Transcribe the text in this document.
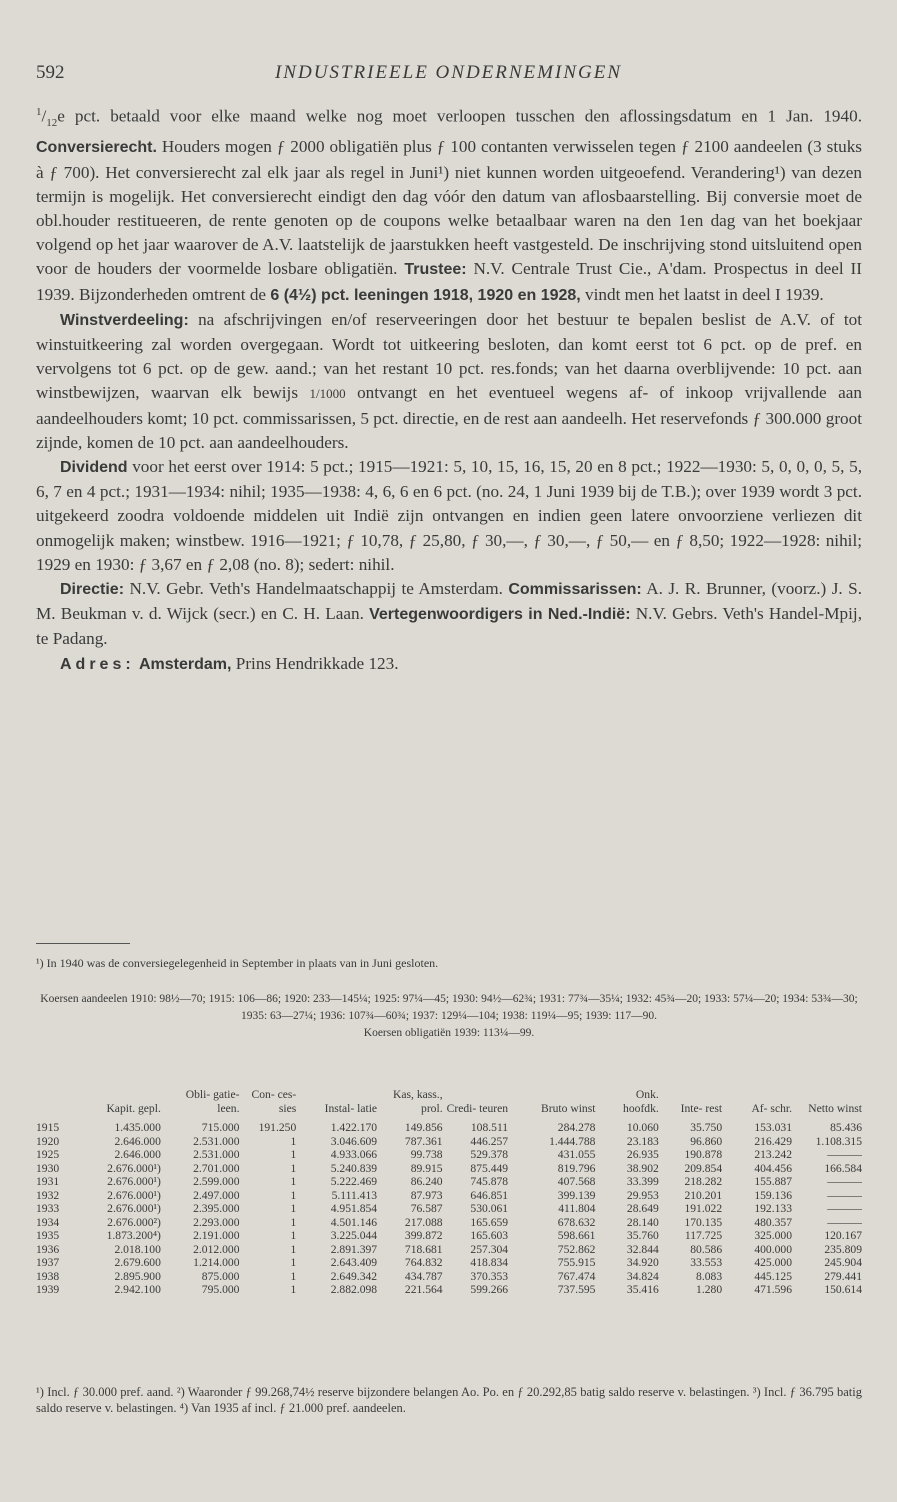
592	INDUSTRIEELE ONDERNEMINGEN

$^1/_{12}e$ pct. betaald voor elke maand welke nog moet verloopen tusschen den aflossingsdatum en 1 Jan. 1940. Conversierecht. Houders mogen ƒ 2000 obligatiën plus ƒ 100 contanten verwisselen tegen ƒ 2100 aandeelen (3 stuks à ƒ 700). Het conversierecht zal elk jaar als regel in Juni¹) niet kunnen worden uitgeoefend. Verandering¹) van dezen termijn is mogelijk. Het conversierecht eindigt den dag vóór den datum van aflosbaarstelling. Bij conversie moet de obl.houder restitueeren, de rente genoten op de coupons welke betaalbaar waren na den 1en dag van het boekjaar volgend op het jaar waarover de A.V. laatstelijk de jaarstukken heeft vastgesteld. De inschrijving stond uitsluitend open voor de houders der voormelde losbare obligatiën. Trustee: N.V. Centrale Trust Cie., A'dam. Prospectus in deel II 1939. Bijzonderheden omtrent de 6 (4½) pct. leeningen 1918, 1920 en 1928, vindt men het laatst in deel I 1939.

Winstverdeeling: na afschrijvingen en/of reserveeringen door het bestuur te bepalen beslist de A.V. of tot winstuitkeering zal worden overgegaan. Wordt tot uitkeering besloten, dan komt eerst tot 6 pct. op de pref. en vervolgens tot 6 pct. op de gew. aand.; van het restant 10 pct. res.fonds; van het daarna overblijvende: 10 pct. aan winstbewijzen, waarvan elk bewijs 1/1000 ontvangt en het eventueel wegens af- of inkoop vrijvallende aan aandeelhouders komt; 10 pct. commissarissen, 5 pct. directie, en de rest aan aandeelh. Het reservefonds ƒ 300.000 groot zijnde, komen de 10 pct. aan aandeelhouders.

Dividend voor het eerst over 1914: 5 pct.; 1915—1921: 5, 10, 15, 16, 15, 20 en 8 pct.; 1922—1930: 5, 0, 0, 0, 5, 5, 6, 7 en 4 pct.; 1931—1934: nihil; 1935—1938: 4, 6, 6 en 6 pct. (no. 24, 1 Juni 1939 bij de T.B.); over 1939 wordt 3 pct. uitgekeerd zoodra voldoende middelen uit Indië zijn ontvangen en indien geen latere onvoorziene verliezen dit onmogelijk maken; winstbew. 1916—1921; ƒ 10,78, ƒ 25,80, ƒ 30,—, ƒ 30,—, ƒ 50,— en ƒ 8,50; 1922—1928: nihil; 1929 en 1930: ƒ 3,67 en ƒ 2,08 (no. 8); sedert: nihil.

Directie: N.V. Gebr. Veth's Handelmaatschappij te Amsterdam. Commissarissen: A. J. R. Brunner, (voorz.) J. S. M. Beukman v. d. Wijck (secr.) en C. H. Laan. Vertegenwoordigers in Ned.-Indië: N.V. Gebrs. Veth's Handel-Mpij, te Padang.

Adres: Amsterdam, Prins Hendrikkade 123.

¹) In 1940 was de conversiegelegenheid in September in plaats van in Juni gesloten.

Koersen aandeelen 1910: 98½—70; 1915: 106—86; 1920: 233—145¼; 1925: 97¼—45; 1930: 94½—62¾; 1931: 77¾—35¼; 1932: 45¾—20; 1933: 57¼—20; 1934: 53¾—30; 1935: 63—27¼; 1936: 107¾—60¾; 1937: 129¼—104; 1938: 119¼—95; 1939: 117—90.

Koersen obligatiën 1939: 113¼—99.

	Kapit. gepl.	Obli- gatie- leen.	Con- ces- sies	Instal- latie	Kas, kass., prol.	Credi- teuren	Bruto winst	Onk. hoofdk.	Inte- rest	Af- schr.	Netto winst
1915	1.435.000	715.000	191.250	1.422.170	149.856	108.511	284.278	10.060	35.750	153.031	85.436
1920	2.646.000	2.531.000	1	3.046.609	787.361	446.257	1.444.788	23.183	96.860	216.429	1.108.315
1925	2.646.000	2.531.000	1	4.933.066	99.738	529.378	431.055	26.935	190.878	213.242	———
1930	2.676.000¹)	2.701.000	1	5.240.839	89.915	875.449	819.796	38.902	209.854	404.456	166.584
1931	2.676.000¹)	2.599.000	1	5.222.469	86.240	745.878	407.568	33.399	218.282	155.887	———
1932	2.676.000¹)	2.497.000	1	5.111.413	87.973	646.851	399.139	29.953	210.201	159.136	———
1933	2.676.000¹)	2.395.000	1	4.951.854	76.587	530.061	411.804	28.649	191.022	192.133	———
1934	2.676.000²)	2.293.000	1	4.501.146	217.088	165.659	678.632	28.140	170.135	480.357	———
1935	1.873.200⁴)	2.191.000	1	3.225.044	399.872	165.603	598.661	35.760	117.725	325.000	120.167
1936	2.018.100	2.012.000	1	2.891.397	718.681	257.304	752.862	32.844	80.586	400.000	235.809
1937	2.679.600	1.214.000	1	2.643.409	764.832	418.834	755.915	34.920	33.553	425.000	245.904
1938	2.895.900	875.000	1	2.649.342	434.787	370.353	767.474	34.824	8.083	445.125	279.441
1939	2.942.100	795.000	1	2.882.098	221.564	599.266	737.595	35.416	1.280	471.596	150.614
¹) Incl. ƒ 30.000 pref. aand. ²) Waaronder ƒ 99.268,74½ reserve bijzondere belangen Ao. Po. en ƒ 20.292,85 batig saldo reserve v. belastingen. ³) Incl. ƒ 36.795 batig saldo reserve v. belastingen. ⁴) Van 1935 af incl. ƒ 21.000 pref. aandeelen.
